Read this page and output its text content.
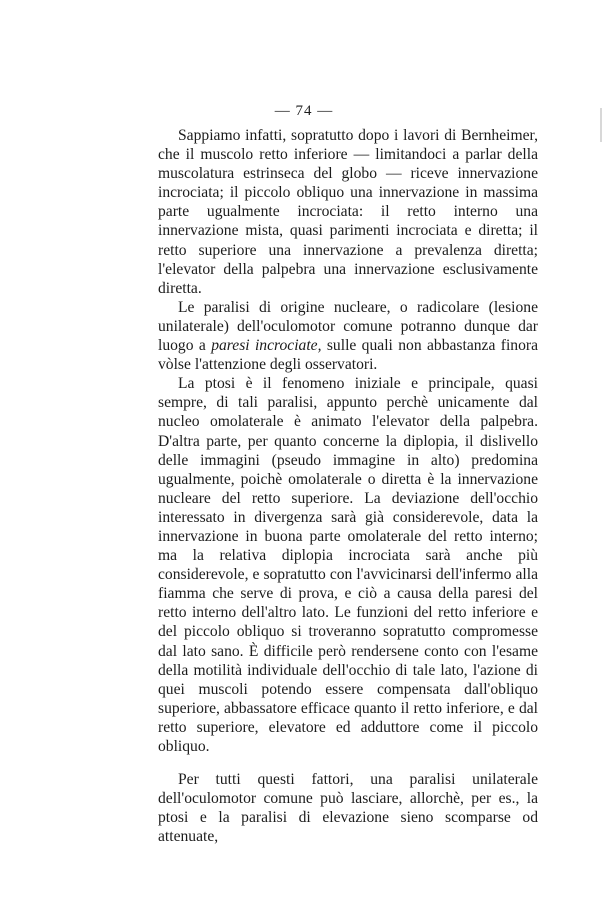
— 74 —

Sappiamo infatti, sopratutto dopo i lavori di Bernheimer, che il muscolo retto inferiore — limitandoci a parlar della muscolatura estrinseca del globo — riceve innervazione incrociata; il piccolo obliquo una innervazione in massima parte ugualmente incrociata: il retto interno una innervazione mista, quasi parimenti incrociata e diretta; il retto superiore una innervazione a prevalenza diretta; l'elevator della palpebra una innervazione esclusivamente diretta.

Le paralisi di origine nucleare, o radicolare (lesione unilaterale) dell'oculomotor comune potranno dunque dar luogo a paresi incrociate, sulle quali non abbastanza finora vòlse l'attenzione degli osservatori.

La ptosi è il fenomeno iniziale e principale, quasi sempre, di tali paralisi, appunto perchè unicamente dal nucleo omolaterale è animato l'elevator della palpebra. D'altra parte, per quanto concerne la diplopia, il dislivello delle immagini (pseudo immagine in alto) predomina ugualmente, poichè omolaterale o diretta è la innervazione nucleare del retto superiore. La deviazione dell'occhio interessato in divergenza sarà già considerevole, data la innervazione in buona parte omolaterale del retto interno; ma la relativa diplopia incrociata sarà anche più considerevole, e sopratutto con l'avvicinarsi dell'infermo alla fiamma che serve di prova, e ciò a causa della paresi del retto interno dell'altro lato. Le funzioni del retto inferiore e del piccolo obliquo si troveranno sopratutto compromesse dal lato sano. È difficile però rendersene conto con l'esame della motilità individuale dell'occhio di tale lato, l'azione di quei muscoli potendo essere compensata dall'obliquo superiore, abbassatore efficace quanto il retto inferiore, e dal retto superiore, elevatore ed adduttore come il piccolo obliquo.

Per tutti questi fattori, una paralisi unilaterale dell'oculomotor comune può lasciare, allorchè, per es., la ptosi e la paralisi di elevazione sieno scomparse od attenuate,
